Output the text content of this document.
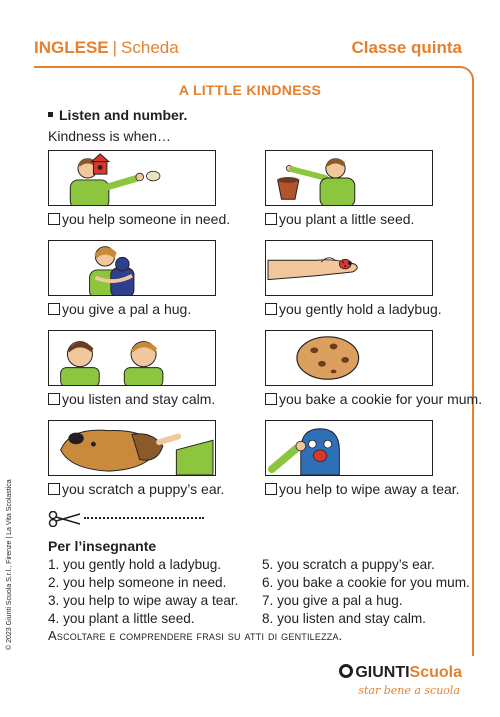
INGLESE | Scheda	Classe quinta
A LITTLE KINDNESS
Listen and number.
Kindness is when…
you help someone in need.	you plant a little seed.
you give a pal a hug.	you gently hold a ladybug.
you listen and stay calm.	you bake a cookie for your mum.
you scratch a puppy’s ear.	you help to wipe away a tear.
Per l’insegnante
1. you gently hold a ladybug.
2. you help someone in need.
3. you help to wipe away a tear.
4. you plant a little seed.
5. you scratch a puppy’s ear.
6. you bake a cookie for you mum.
7. you give a pal a hug.
8. you listen and stay calm.
Ascoltare e comprendere frasi su atti di gentilezza.
© 2023 Giunti Scuola S.r.l., Firenze | La Vita Scolastica
GIUNTIScuola
star bene a scuola
